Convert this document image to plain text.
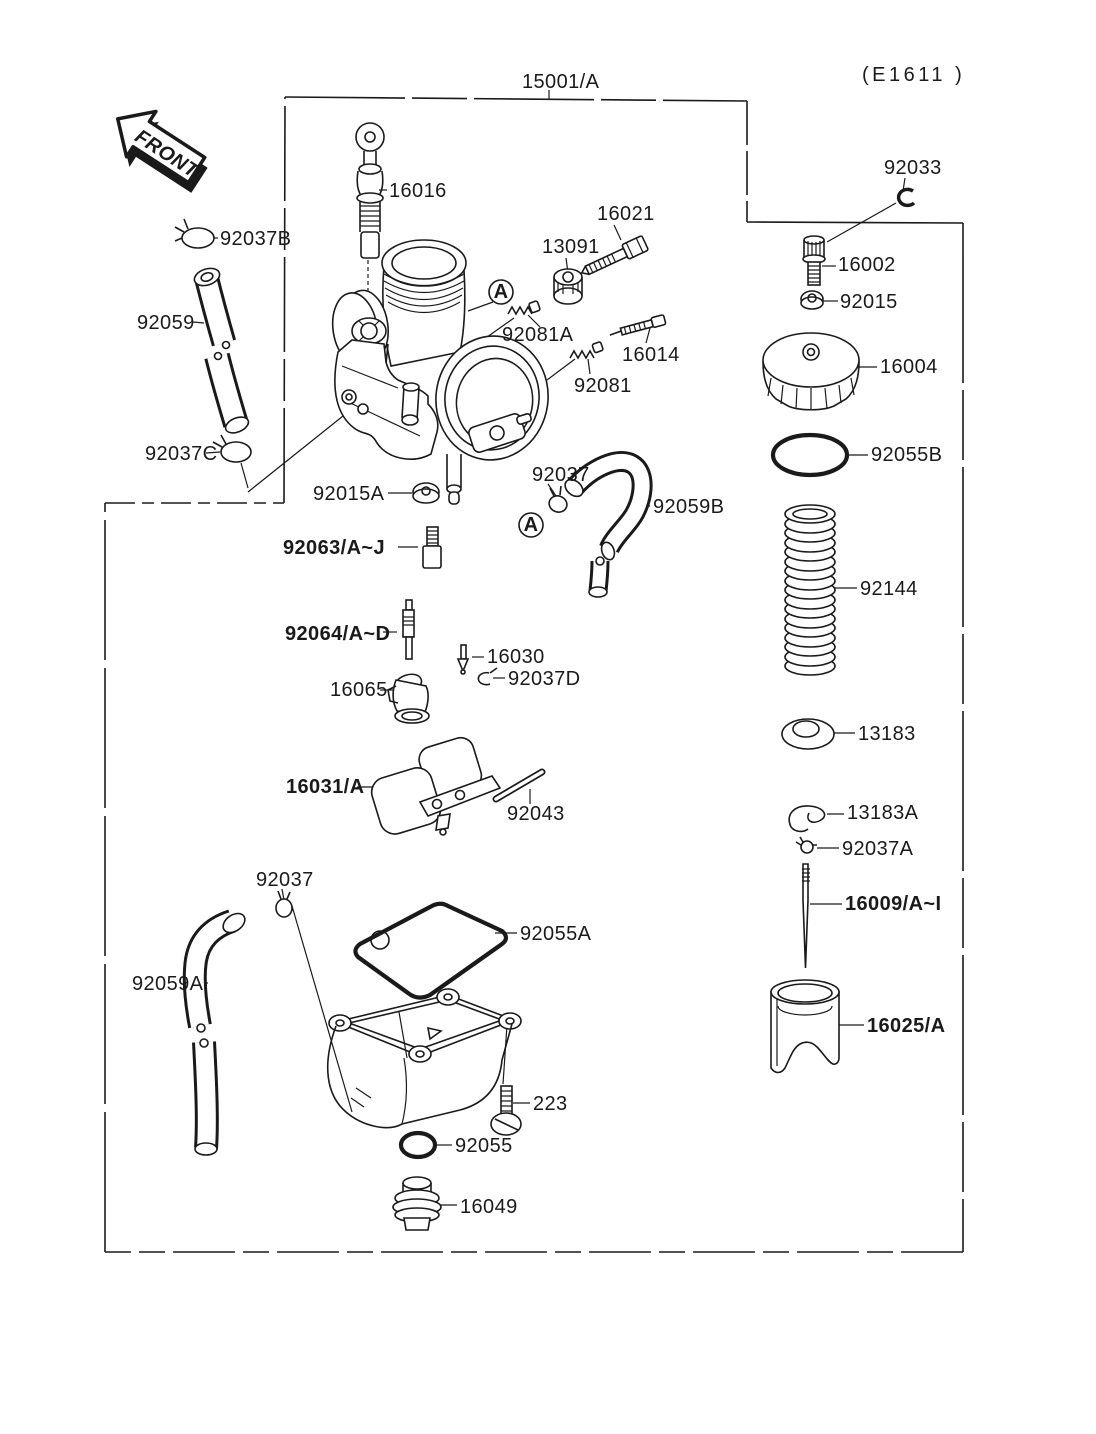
FRONT
A
A
15001/A	(E1611 )
92033
16016
92037B
16021
13091
16002
92015
92059
92081A
16014
92081
16004
92037C	92055B
92037
92015A
92059B
92063/A~J
92144
92064/A~D
16030
92037D
16065
13183
16031/A
92043	13183A
92037A
16009/A~I
92037
92055A
92059A
16025/A
223
92055
16049
